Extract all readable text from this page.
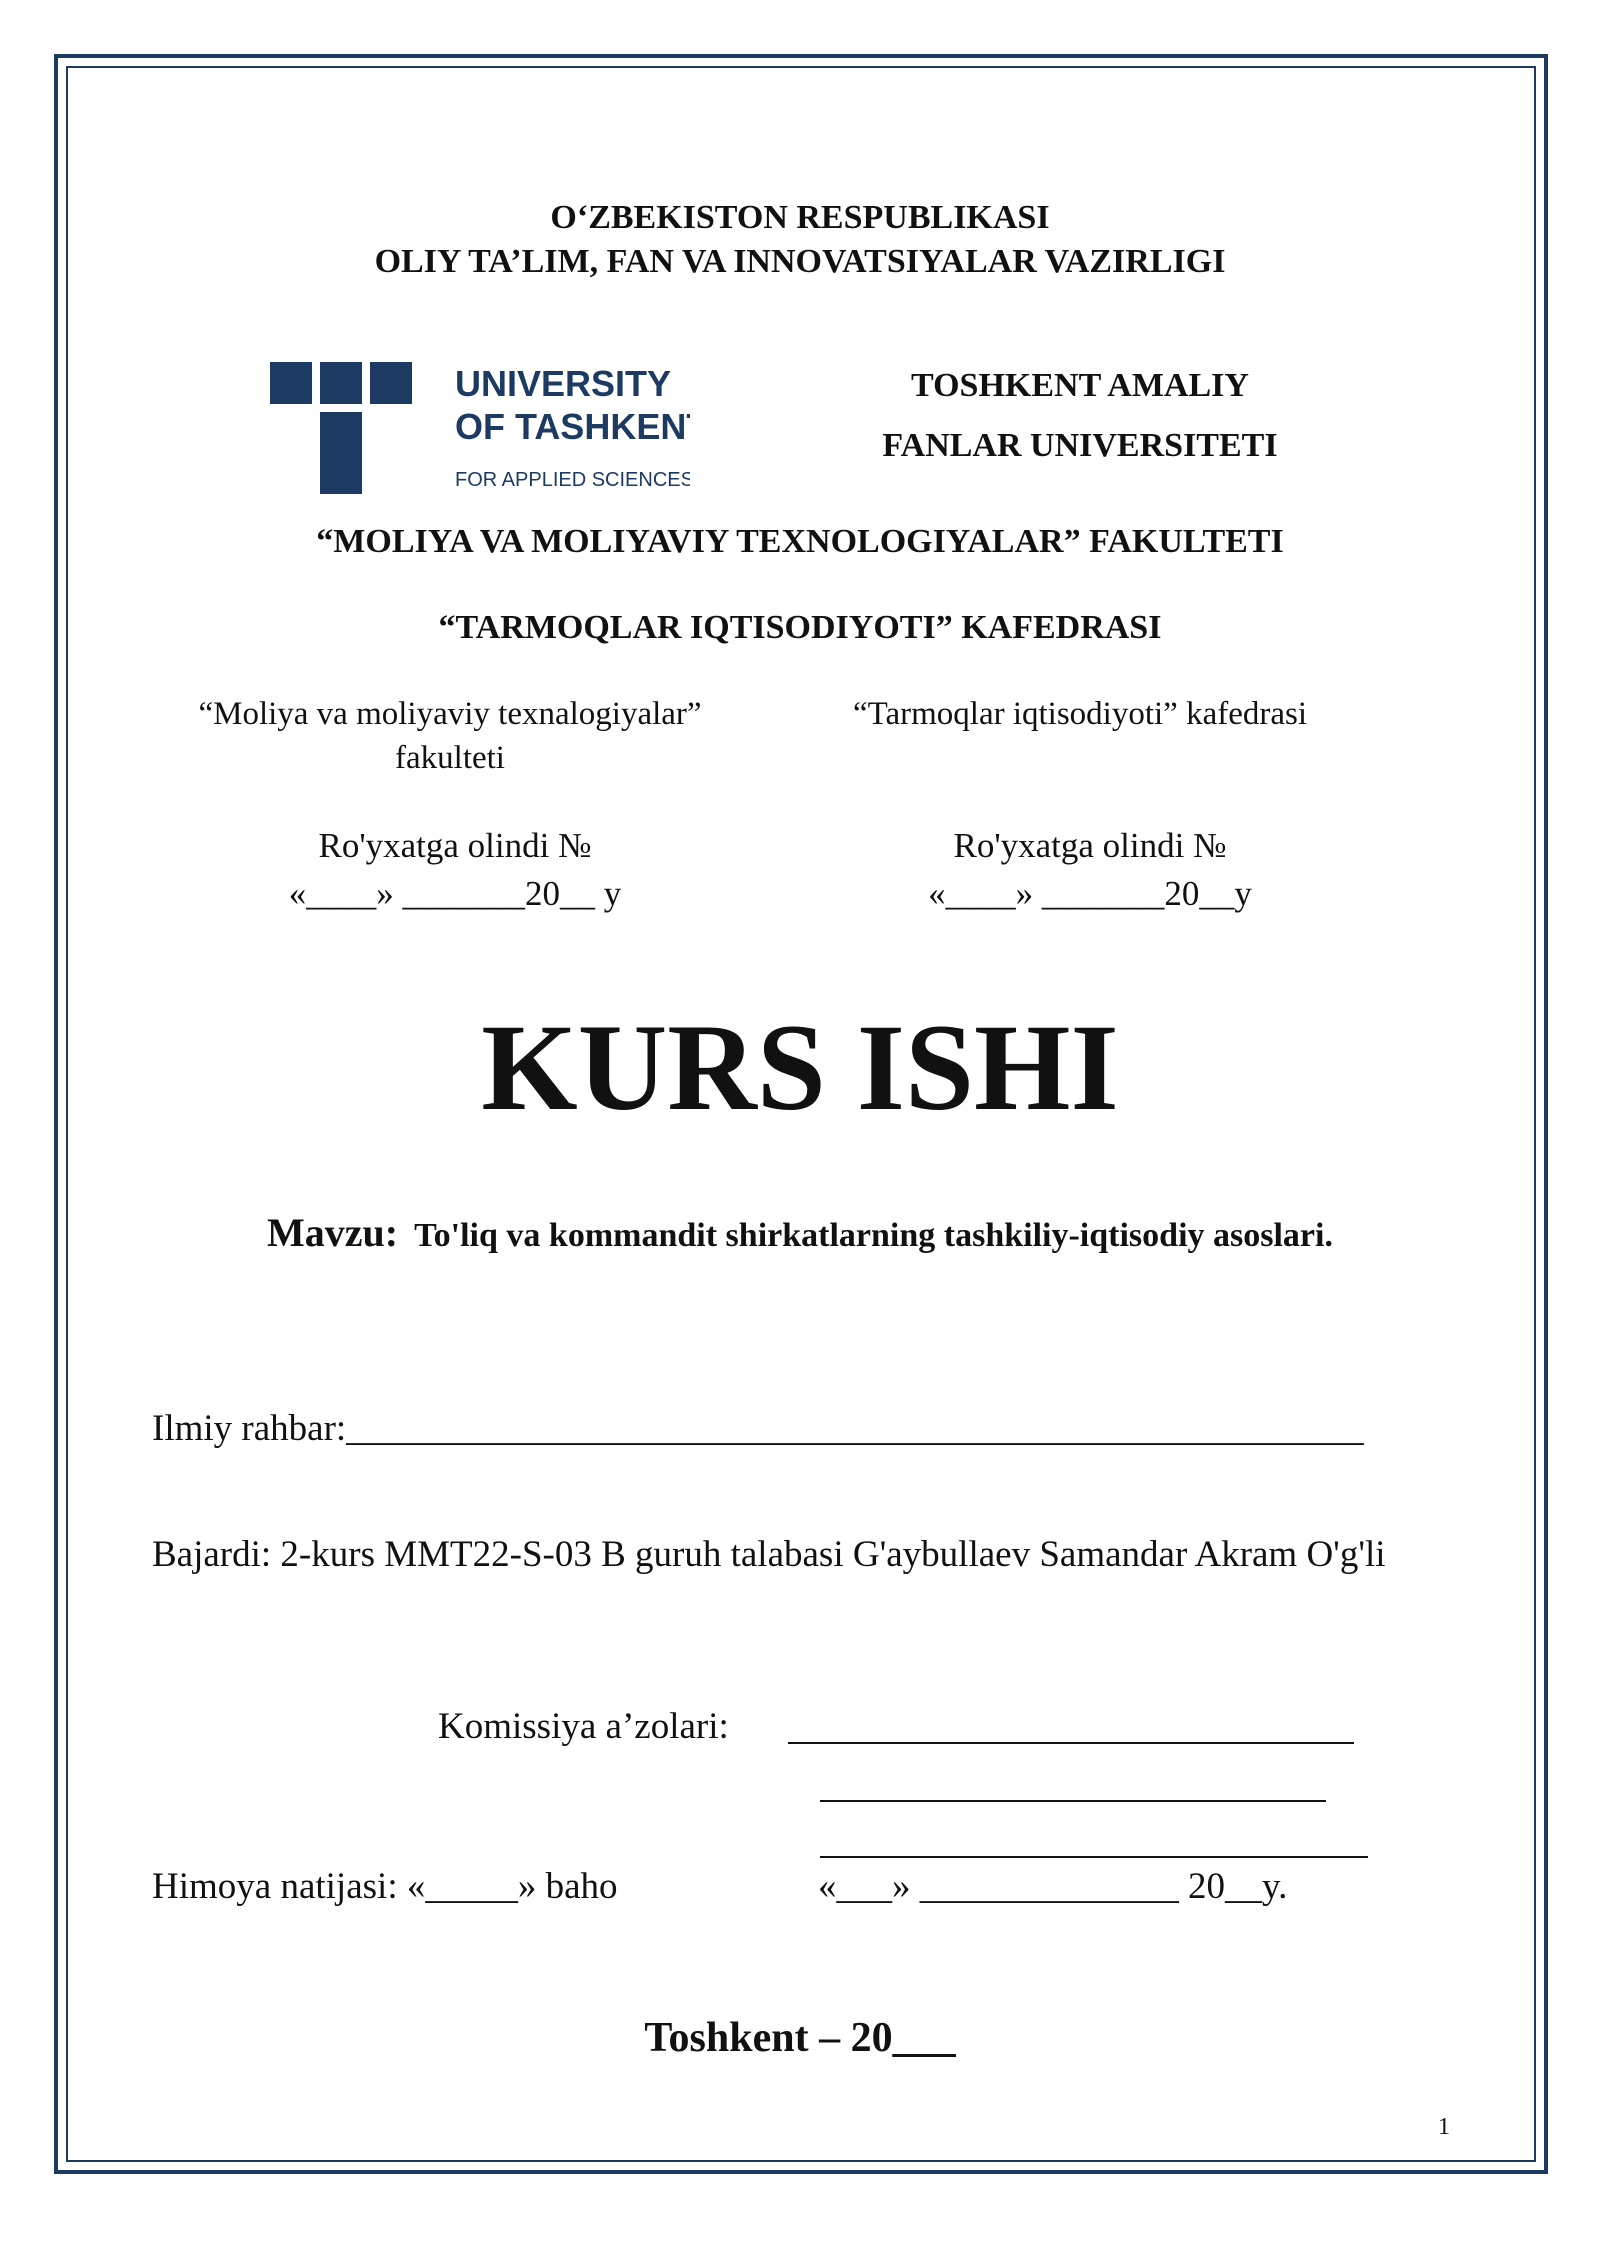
O‘ZBEKISTON RESPUBLIKASI
OLIY TA’LIM, FAN VA INNOVATSIYALAR VAZIRLIGI
UNIVERSITY
OF TASHKENT
FOR APPLIED SCIENCES
TOSHKENT AMALIY
FANLAR UNIVERSITETI
“MOLIYA VA MOLIYAVIY TEXNOLOGIYALAR” FAKULTETI
“TARMOQLAR IQTISODIYOTI” KAFEDRASI
“Moliya va moliyaviy texnalogiyalar”
fakulteti
“Tarmoqlar iqtisodiyoti” kafedrasi
Ro'yxatga olindi №
«____» _______20__ y
Ro'yxatga olindi №
«____» _______20__y
KURS ISHI
Mavzu: To'liq va kommandit shirkatlarning tashkiliy-iqtisodiy asoslari.
Ilmiy rahbar:_______________________________________________________
Bajardi: 2-kurs MMT22-S-03 B guruh talabasi G'aybullaev Samandar Akram O'g'li
Komissiya a’zolari:
Himoya natijasi: «_____» baho	«___» ______________ 20__y.
Toshkent – 20___
1
